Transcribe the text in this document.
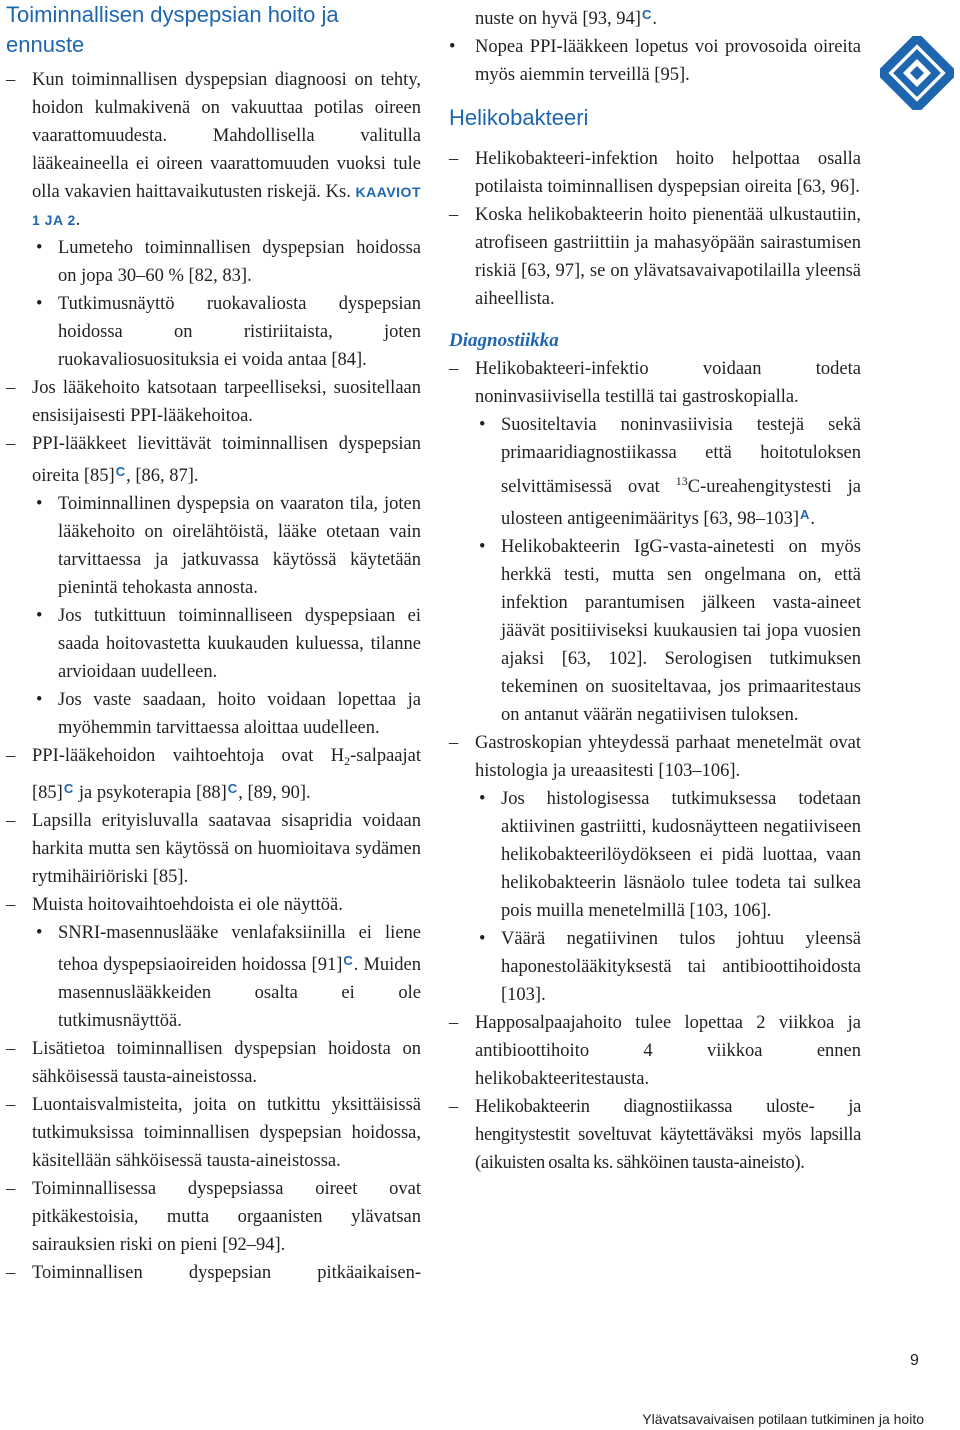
Toiminnallisen dyspepsian hoito ja ennuste

– Kun toiminnallisen dyspepsian diagnoosi on tehty, hoidon kulmakivenä on vakuuttaa potilas oireen vaarattomuudesta. Mahdollisella valitulla lääkeaineella ei oireen vaarattomuuden vuoksi tule olla vakavien haittavaikutusten riskejä. Ks. KAAVIOT 1 JA 2.

• Lumeteho toiminnallisen dyspepsian hoidossa on jopa 30–60 % [82, 83].

• Tutkimusnäyttö ruokavaliosta dyspepsian hoidossa on ristiriitaista, joten ruokavaliosuosituksia ei voida antaa [84].

– Jos lääkehoito katsotaan tarpeelliseksi, suositellaan ensisijaisesti PPI-lääkehoitoa.

– PPI-lääkkeet lievittävät toiminnallisen dyspepsian oireita $[85]^C$, [86, 87].

• Toiminnallinen dyspepsia on vaaraton tila, joten lääkehoito on oirelähtöistä, lääke otetaan vain tarvittaessa ja jatkuvassa käytössä käytetään pienintä tehokasta annosta.

• Jos tutkittuun toiminnalliseen dyspepsiaan ei saada hoitovastetta kuukauden kuluessa, tilanne arvioidaan uudelleen.

• Jos vaste saadaan, hoito voidaan lopettaa ja myöhemmin tarvittaessa aloittaa uudelleen.

– PPI-lääkehoidon vaihtoehtoja ovat $H_2$-salpaajat $[85]^C$ ja psykoterapia $[88]^C$, [89, 90].

– Lapsilla erityisluvalla saatavaa sisapridia voidaan harkita mutta sen käytössä on huomioitava sydämen rytmihäiriöriski [85].

– Muista hoitovaihtoehdoista ei ole näyttöä.

• SNRI-masennuslääke venlafaksiinilla ei liene tehoa dyspepsiaoireiden hoidossa $[91]^C$. Muiden masennuslääkkeiden osalta ei ole tutkimusnäyttöä.

– Lisätietoa toiminnallisen dyspepsian hoidosta on sähköisessä tausta-aineistossa.

– Luontaisvalmisteita, joita on tutkittu yksittäisissä tutkimuksissa toiminnallisen dyspepsian hoidossa, käsitellään sähköisessä tausta-aineistossa.

– Toiminnallisessa dyspepsiassa oireet ovat pitkäkestoisia, mutta orgaanisten ylävatsan sairauksien riski on pieni [92–94].

– Toiminnallisen dyspepsian pitkäaikaisen-

nuste on hyvä [93, 94]$^C$.

• Nopea PPI-lääkkeen lopetus voi provosoida oireita myös aiemmin terveillä [95].

Helikobakteeri

– Helikobakteeri-infektion hoito helpottaa osalla potilaista toiminnallisen dyspepsian oireita [63, 96].

– Koska helikobakteerin hoito pienentää ulkustautiin, atrofiseen gastriittiin ja mahasyöpään sairastumisen riskiä [63, 97], se on ylävatsavaivapotilailla yleensä aiheellista.

Diagnostiikka

– Helikobakteeri-infektio voidaan todeta noninvasiivisella testillä tai gastroskopialla.

• Suositeltavia noninvasiivisia testejä sekä primaaridiagnostiikassa että hoitotuloksen selvittämisessä ovat $^{13}$C-ureahengitystesti ja ulosteen antigeenimääritys [63, 98–103]$^A$.

• Helikobakteerin IgG-vasta-ainetesti on myös herkkä testi, mutta sen ongelmana on, että infektion parantumisen jälkeen vasta-aineet jäävät positiiviseksi kuukausien tai jopa vuosien ajaksi [63, 102]. Serologisen tutkimuksen tekeminen on suositeltavaa, jos primaaritestaus on antanut väärän negatiivisen tuloksen.

– Gastroskopian yhteydessä parhaat menetelmät ovat histologia ja ureaasitesti [103–106].

• Jos histologisessa tutkimuksessa todetaan aktiivinen gastriitti, kudosnäytteen negatiiviseen helikobakteerilöydökseen ei pidä luottaa, vaan helikobakteerin läsnäolo tulee todeta tai sulkea pois muilla menetelmillä [103, 106].

• Väärä negatiivinen tulos johtuu yleensä haponestolääkityksestä tai antibioottihoidosta [103].

– Happosalpaajahoito tulee lopettaa 2 viikkoa ja antibioottihoito 4 viikkoa ennen helikobakteeritestausta.

– Helikobakteerin diagnostiikassa uloste- ja hengitystestit soveltuvat käytettäväksi myös lapsilla (aikuisten osalta ks. sähköinen tausta-aineisto).

9
Ylävatsavaivaisen potilaan tutkiminen ja hoito
